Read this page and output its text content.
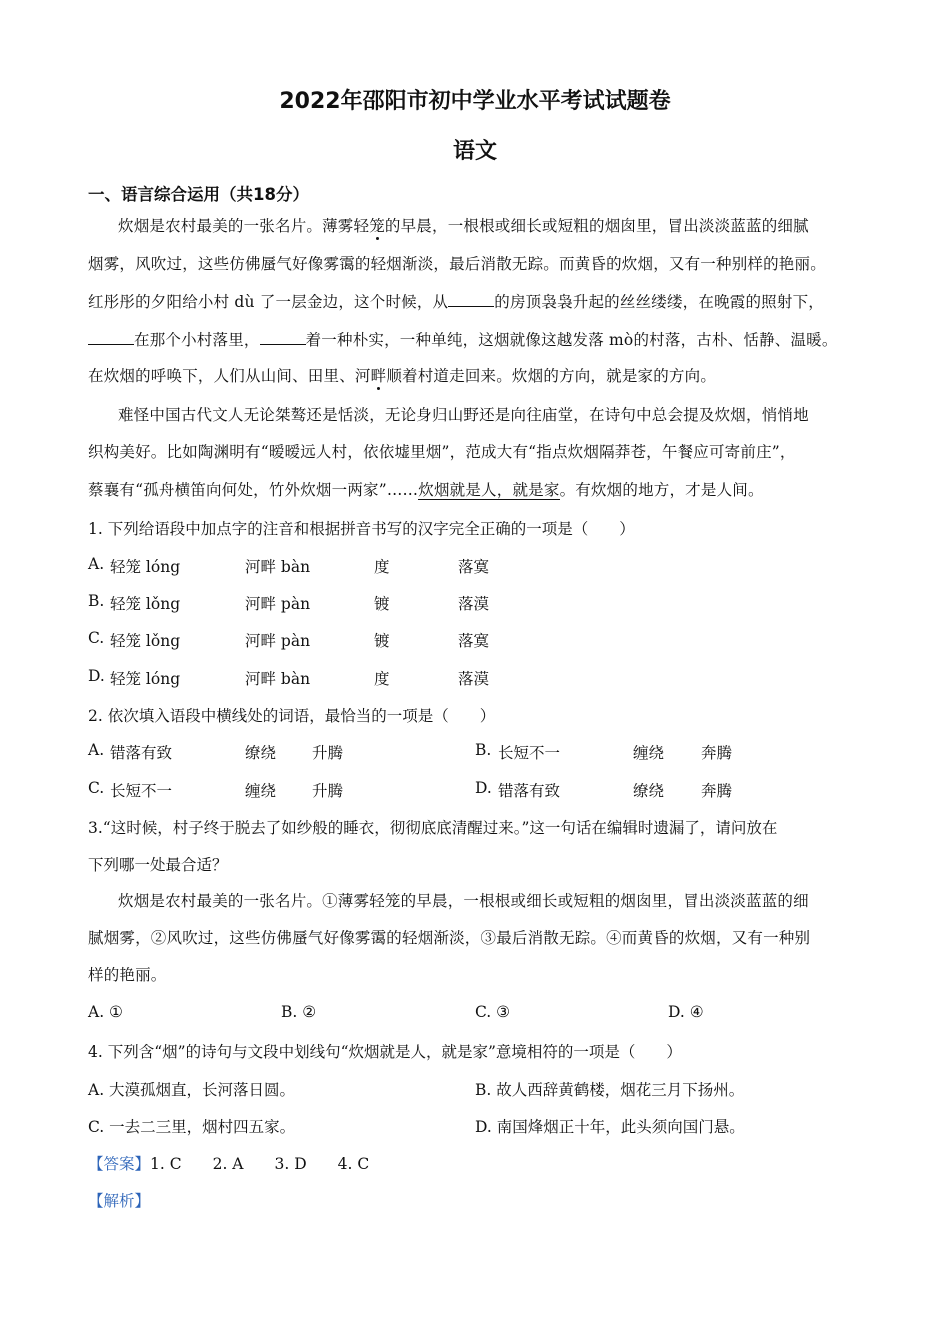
2022年邵阳市初中学业水平考试试题卷
语文
一、语言综合运用（共18分）
炊烟是农村最美的一张名片。薄雾轻笼的早晨，一根根或细长或短粗的烟囱里，冒出淡淡蓝蓝的细腻
烟雾，风吹过，这些仿佛蜃气好像雾霭的轻烟渐淡，最后消散无踪。而黄昏的炊烟，又有一种别样的艳丽。
红彤彤的夕阳给小村 dù 了一层金边，这个时候，从	的房顶袅袅升起的丝丝缕缕，在晚霞的照射下，
在那个小村落里，	着一种朴实，一种单纯，这烟就像这越发落 mò的村落，古朴、恬静、温暖。
在炊烟的呼唤下，人们从山间、田里、河畔顺着村道走回来。炊烟的方向，就是家的方向。
难怪中国古代文人无论桀骜还是恬淡，无论身归山野还是向往庙堂，在诗句中总会提及炊烟，悄悄地
织构美好。比如陶渊明有“暧暧远人村，依依墟里烟”，范成大有“指点炊烟隔莽苍，午餐应可寄前庄”，
蔡襄有“孤舟横笛向何处，竹外炊烟一两家”……炊烟就是人，就是家。有炊烟的地方，才是人间。
1. 下列给语段中加点字的注音和根据拼音书写的汉字完全正确的一项是（　　）
A. 轻笼 lóng	河畔 bàn	度	落寞
B. 轻笼 lǒng	河畔 pàn	镀	落漠
C. 轻笼 lǒng	河畔 pàn	镀	落寞
D. 轻笼 lóng	河畔 bàn	度	落漠
2. 依次填入语段中横线处的词语，最恰当的一项是（　　）
A. 错落有致	缭绕 升腾	B. 长短不一	缠绕 奔腾
C. 长短不一	缠绕 升腾	D. 错落有致	缭绕 奔腾
3.“这时候，村子终于脱去了如纱般的睡衣，彻彻底底清醒过来。”这一句话在编辑时遗漏了，请问放在
下列哪一处最合适？
炊烟是农村最美的一张名片。①薄雾轻笼的早晨，一根根或细长或短粗的烟囱里，冒出淡淡蓝蓝的细
腻烟雾，②风吹过，这些仿佛蜃气好像雾霭的轻烟渐淡，③最后消散无踪。④而黄昏的炊烟，又有一种别
样的艳丽。
A. ①	B. ②	C. ③	D. ④
4. 下列含“烟”的诗句与文段中划线句“炊烟就是人，就是家”意境相符的一项是（　　）
A. 大漠孤烟直，长河落日圆。	B. 故人西辞黄鹤楼，烟花三月下扬州。
C. 一去二三里，烟村四五家。	D. 南国烽烟正十年，此头须向国门悬。
【答案】1. C　　2. A　　3. D　　4. C
【解析】
